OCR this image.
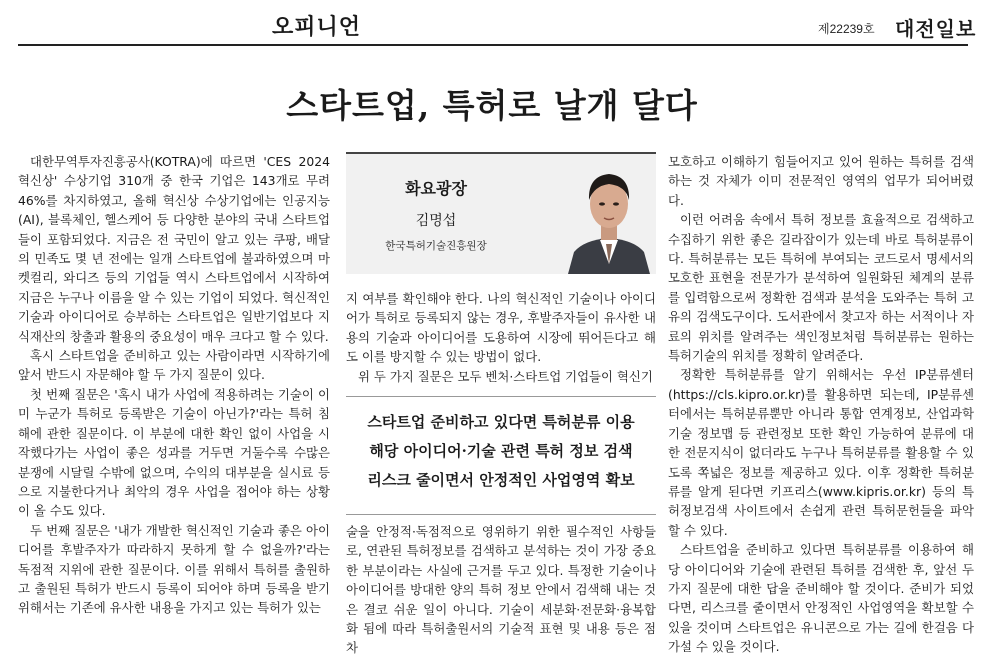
오피니언	제22239호 대전일보
스타트업, 특허로 날개 달다

대한무역투자진흥공사(KOTRA)에 따르면 'CES 2024 혁신상' 수상기업 310개 중 한국 기업은 143개로 무려 46%를 차지하였고, 올해 혁신상 수상기업에는 인공지능(AI), 블록체인, 헬스케어 등 다양한 분야의 국내 스타트업들이 포함되었다. 지금은 전 국민이 알고 있는 쿠팡, 배달의 민족도 몇 년 전에는 일개 스타트업에 불과하였으며 마켓컬리, 와디즈 등의 기업들 역시 스타트업에서 시작하여 지금은 누구나 이름을 알 수 있는 기업이 되었다. 혁신적인 기술과 아이디어로 승부하는 스타트업은 일반기업보다 지식재산의 창출과 활용의 중요성이 매우 크다고 할 수 있다.

혹시 스타트업을 준비하고 있는 사람이라면 시작하기에 앞서 반드시 자문해야 할 두 가지 질문이 있다.

첫 번째 질문은 '혹시 내가 사업에 적용하려는 기술이 이미 누군가 특허로 등록받은 기술이 아닌가?'라는 특허 침해에 관한 질문이다. 이 부분에 대한 확인 없이 사업을 시작했다가는 사업이 좋은 성과를 거두면 거둘수록 수많은 분쟁에 시달릴 수밖에 없으며, 수익의 대부분을 실시료 등으로 지불한다거나 최악의 경우 사업을 접어야 하는 상황이 올 수도 있다.

두 번째 질문은 '내가 개발한 혁신적인 기술과 좋은 아이디어를 후발주자가 따라하지 못하게 할 수 없을까?'라는 독점적 지위에 관한 질문이다. 이를 위해서 특허를 출원하고 출원된 특허가 반드시 등록이 되어야 하며 등록을 받기 위해서는 기존에 유사한 내용을 가지고 있는 특허가 있는

화요광장
김명섭
한국특허기술진흥원장

지 여부를 확인해야 한다. 나의 혁신적인 기술이나 아이디어가 특허로 등록되지 않는 경우, 후발주자들이 유사한 내용의 기술과 아이디어를 도용하여 시장에 뛰어든다고 해도 이를 방지할 수 있는 방법이 없다.

위 두 가지 질문은 모두 벤처·스타트업 기업들이 혁신기

스타트업 준비하고 있다면 특허분류 이용
해당 아이디어·기술 관련 특허 정보 검색
리스크 줄이면서 안정적인 사업영역 확보

술을 안정적·독점적으로 영위하기 위한 필수적인 사항들로, 연관된 특허정보를 검색하고 분석하는 것이 가장 중요한 부분이라는 사실에 근거를 두고 있다. 특정한 기술이나 아이디어를 방대한 양의 특허 정보 안에서 검색해 내는 것은 결코 쉬운 일이 아니다. 기술이 세분화·전문화·융복합화 됨에 따라 특허출원서의 기술적 표현 및 내용 등은 점차

모호하고 이해하기 힘들어지고 있어 원하는 특허를 검색하는 것 자체가 이미 전문적인 영역의 업무가 되어버렸다.

이런 어려움 속에서 특허 정보를 효율적으로 검색하고 수집하기 위한 좋은 길라잡이가 있는데 바로 특허분류이다. 특허분류는 모든 특허에 부여되는 코드로서 명세서의 모호한 표현을 전문가가 분석하여 일원화된 체계의 분류를 입력함으로써 정확한 검색과 분석을 도와주는 특허 고유의 검색도구이다. 도서관에서 찾고자 하는 서적이나 자료의 위치를 알려주는 색인정보처럼 특허분류는 원하는 특허기술의 위치를 정확히 알려준다.

정확한 특허분류를 알기 위해서는 우선 IP분류센터(https://cls.kipro.or.kr)를 활용하면 되는데, IP분류센터에서는 특허분류뿐만 아니라 통합 연계정보, 산업과학기술 정보맵 등 관련정보 또한 확인 가능하여 분류에 대한 전문지식이 없더라도 누구나 특허분류를 활용할 수 있도록 쪽넓은 정보를 제공하고 있다. 이후 정확한 특허분류를 알게 된다면 키프리스(www.kipris.or.kr) 등의 특허정보검색 사이트에서 손쉽게 관련 특허문헌들을 파악할 수 있다.

스타트업을 준비하고 있다면 특허분류를 이용하여 해당 아이디어와 기술에 관련된 특허를 검색한 후, 앞선 두 가지 질문에 대한 답을 준비해야 할 것이다. 준비가 되었다면, 리스크를 줄이면서 안정적인 사업영역을 확보할 수 있을 것이며 스타트업은 유니콘으로 가는 길에 한걸음 다가설 수 있을 것이다.
